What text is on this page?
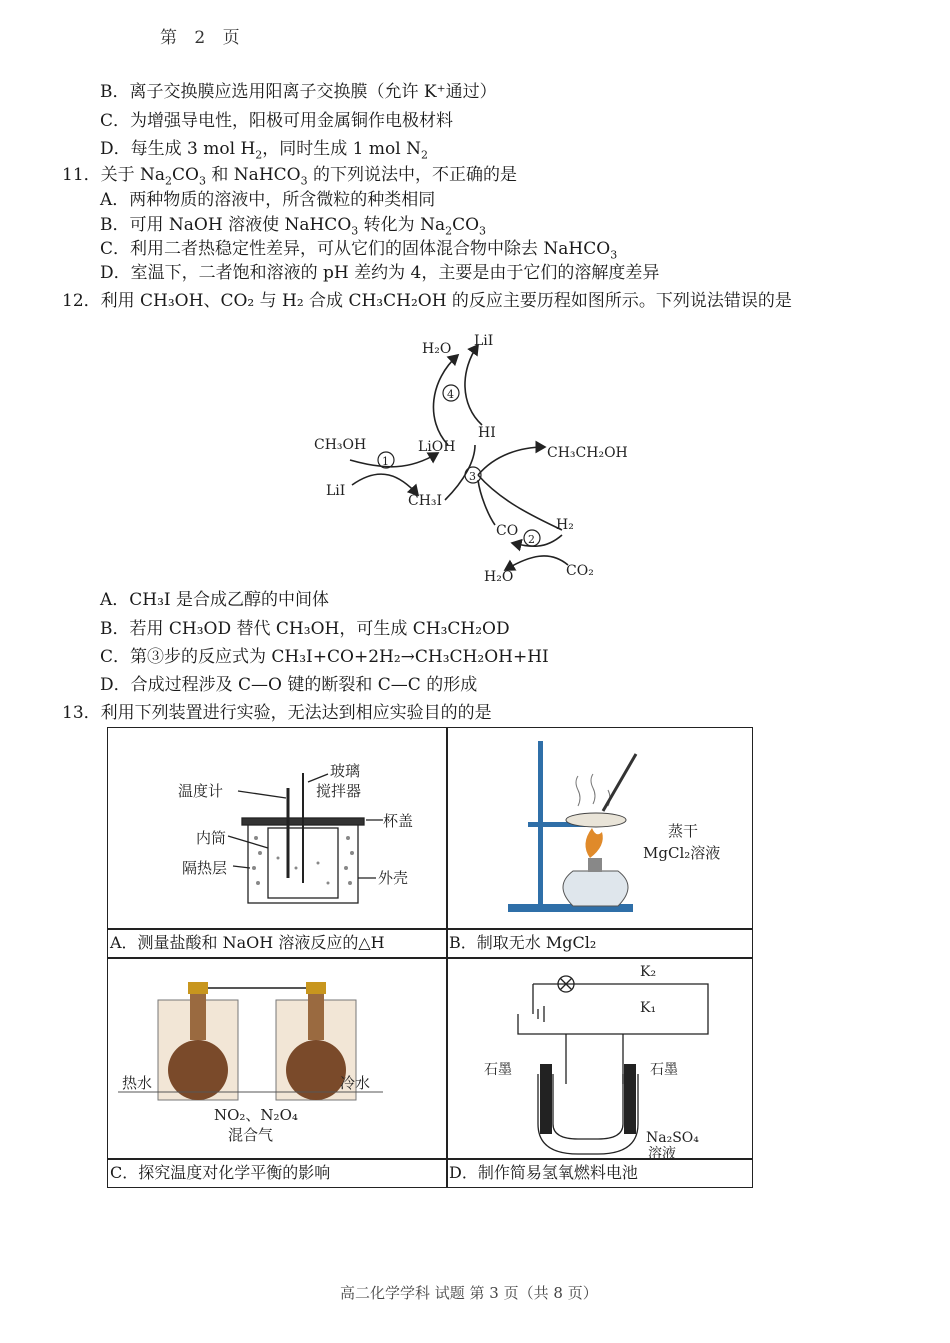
第 2 页
B．离子交换膜应选用阳离子交换膜（允许 K⁺通过）
C．为增强导电性，阳极可用金属铜作电极材料
D．每生成 3 mol $H_2$，同时生成 1 mol $N_2$
11．关于 $Na_2CO_3$ 和 NaHCO$_3$ 的下列说法中，不正确的是
A．两种物质的溶液中，所含微粒的种类相同
B．可用 NaOH 溶液使 NaHCO$_3$ 转化为 $Na_2CO_3$
C．利用二者热稳定性差异，可从它们的固体混合物中除去 NaHCO$_3$
D．室温下，二者饱和溶液的 pH 差约为 4，主要是由于它们的溶解度差异
12．利用 CH₃OH、CO₂ 与 H₂ 合成 CH₃CH₂OH 的反应主要历程如图所示。下列说法错误的是
H₂O LiI
4
HI
CH₃OH
1
LiOH
3
CH₃CH₂OH
LiI
CH₃I
CO	H₂
2
H₂O	CO₂
A．CH₃I 是合成乙醇的中间体
B．若用 CH₃OD 替代 CH₃OH，可生成 CH₃CH₂OD
C．第③步的反应式为 CH₃I+CO+2H₂→CH₃CH₂OH+HI
D．合成过程涉及 C—O 键的断裂和 C—C 的形成
13．利用下列装置进行实验，无法达到相应实验目的的是
温度计
玻璃
搅拌器
杯盖
内筒
隔热层
外壳
A．测量盐酸和 NaOH 溶液反应的△H
蒸干
MgCl₂溶液
B．制取无水 MgCl₂
热水	冷水
NO₂、N₂O₄
混合气
C．探究温度对化学平衡的影响
K₂
K₁
石墨	石墨
Na₂SO₄
溶液
D．制作简易氢氧燃料电池
高二化学学科 试题 第 3 页（共 8 页）
